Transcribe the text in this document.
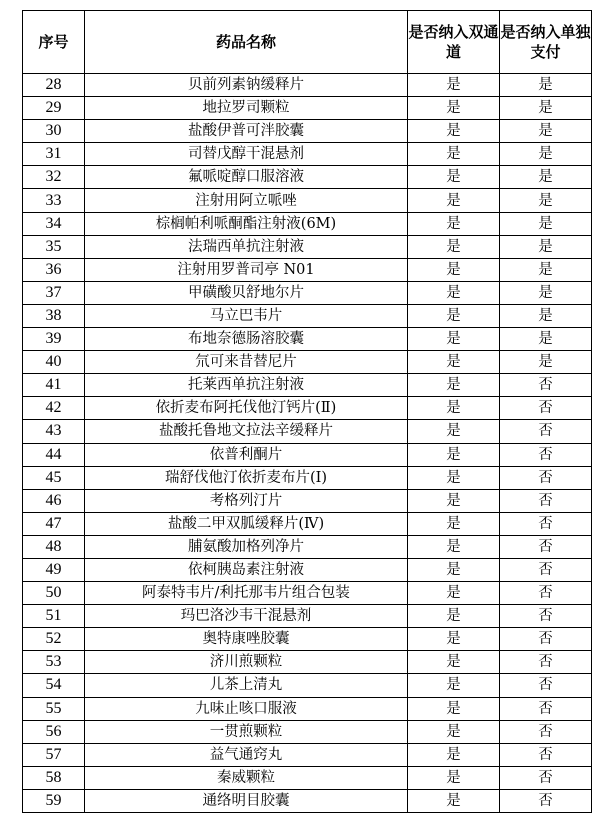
序号	药品名称	是否纳入双通道	是否纳入单独支付
28	贝前列素钠缓释片	是	是
29	地拉罗司颗粒	是	是
30	盐酸伊普可泮胶囊	是	是
31	司替戊醇干混悬剂	是	是
32	氟哌啶醇口服溶液	是	是
33	注射用阿立哌唑	是	是
34	棕榈帕利哌酮酯注射液(6M)	是	是
35	法瑞西单抗注射液	是	是
36	注射用罗普司亭 N01	是	是
37	甲磺酸贝舒地尔片	是	是
38	马立巴韦片	是	是
39	布地奈德肠溶胶囊	是	是
40	氘可来昔替尼片	是	是
41	托莱西单抗注射液	是	否
42	依折麦布阿托伐他汀钙片(Ⅱ)	是	否
43	盐酸托鲁地文拉法辛缓释片	是	否
44	依普利酮片	是	否
45	瑞舒伐他汀依折麦布片(Ⅰ)	是	否
46	考格列汀片	是	否
47	盐酸二甲双胍缓释片(Ⅳ)	是	否
48	脯氨酸加格列净片	是	否
49	依柯胰岛素注射液	是	否
50	阿泰特韦片/利托那韦片组合包装	是	否
51	玛巴洛沙韦干混悬剂	是	否
52	奥特康唑胶囊	是	否
53	济川煎颗粒	是	否
54	儿茶上清丸	是	否
55	九味止咳口服液	是	否
56	一贯煎颗粒	是	否
57	益气通窍丸	是	否
58	秦威颗粒	是	否
59	通络明目胶囊	是	否
